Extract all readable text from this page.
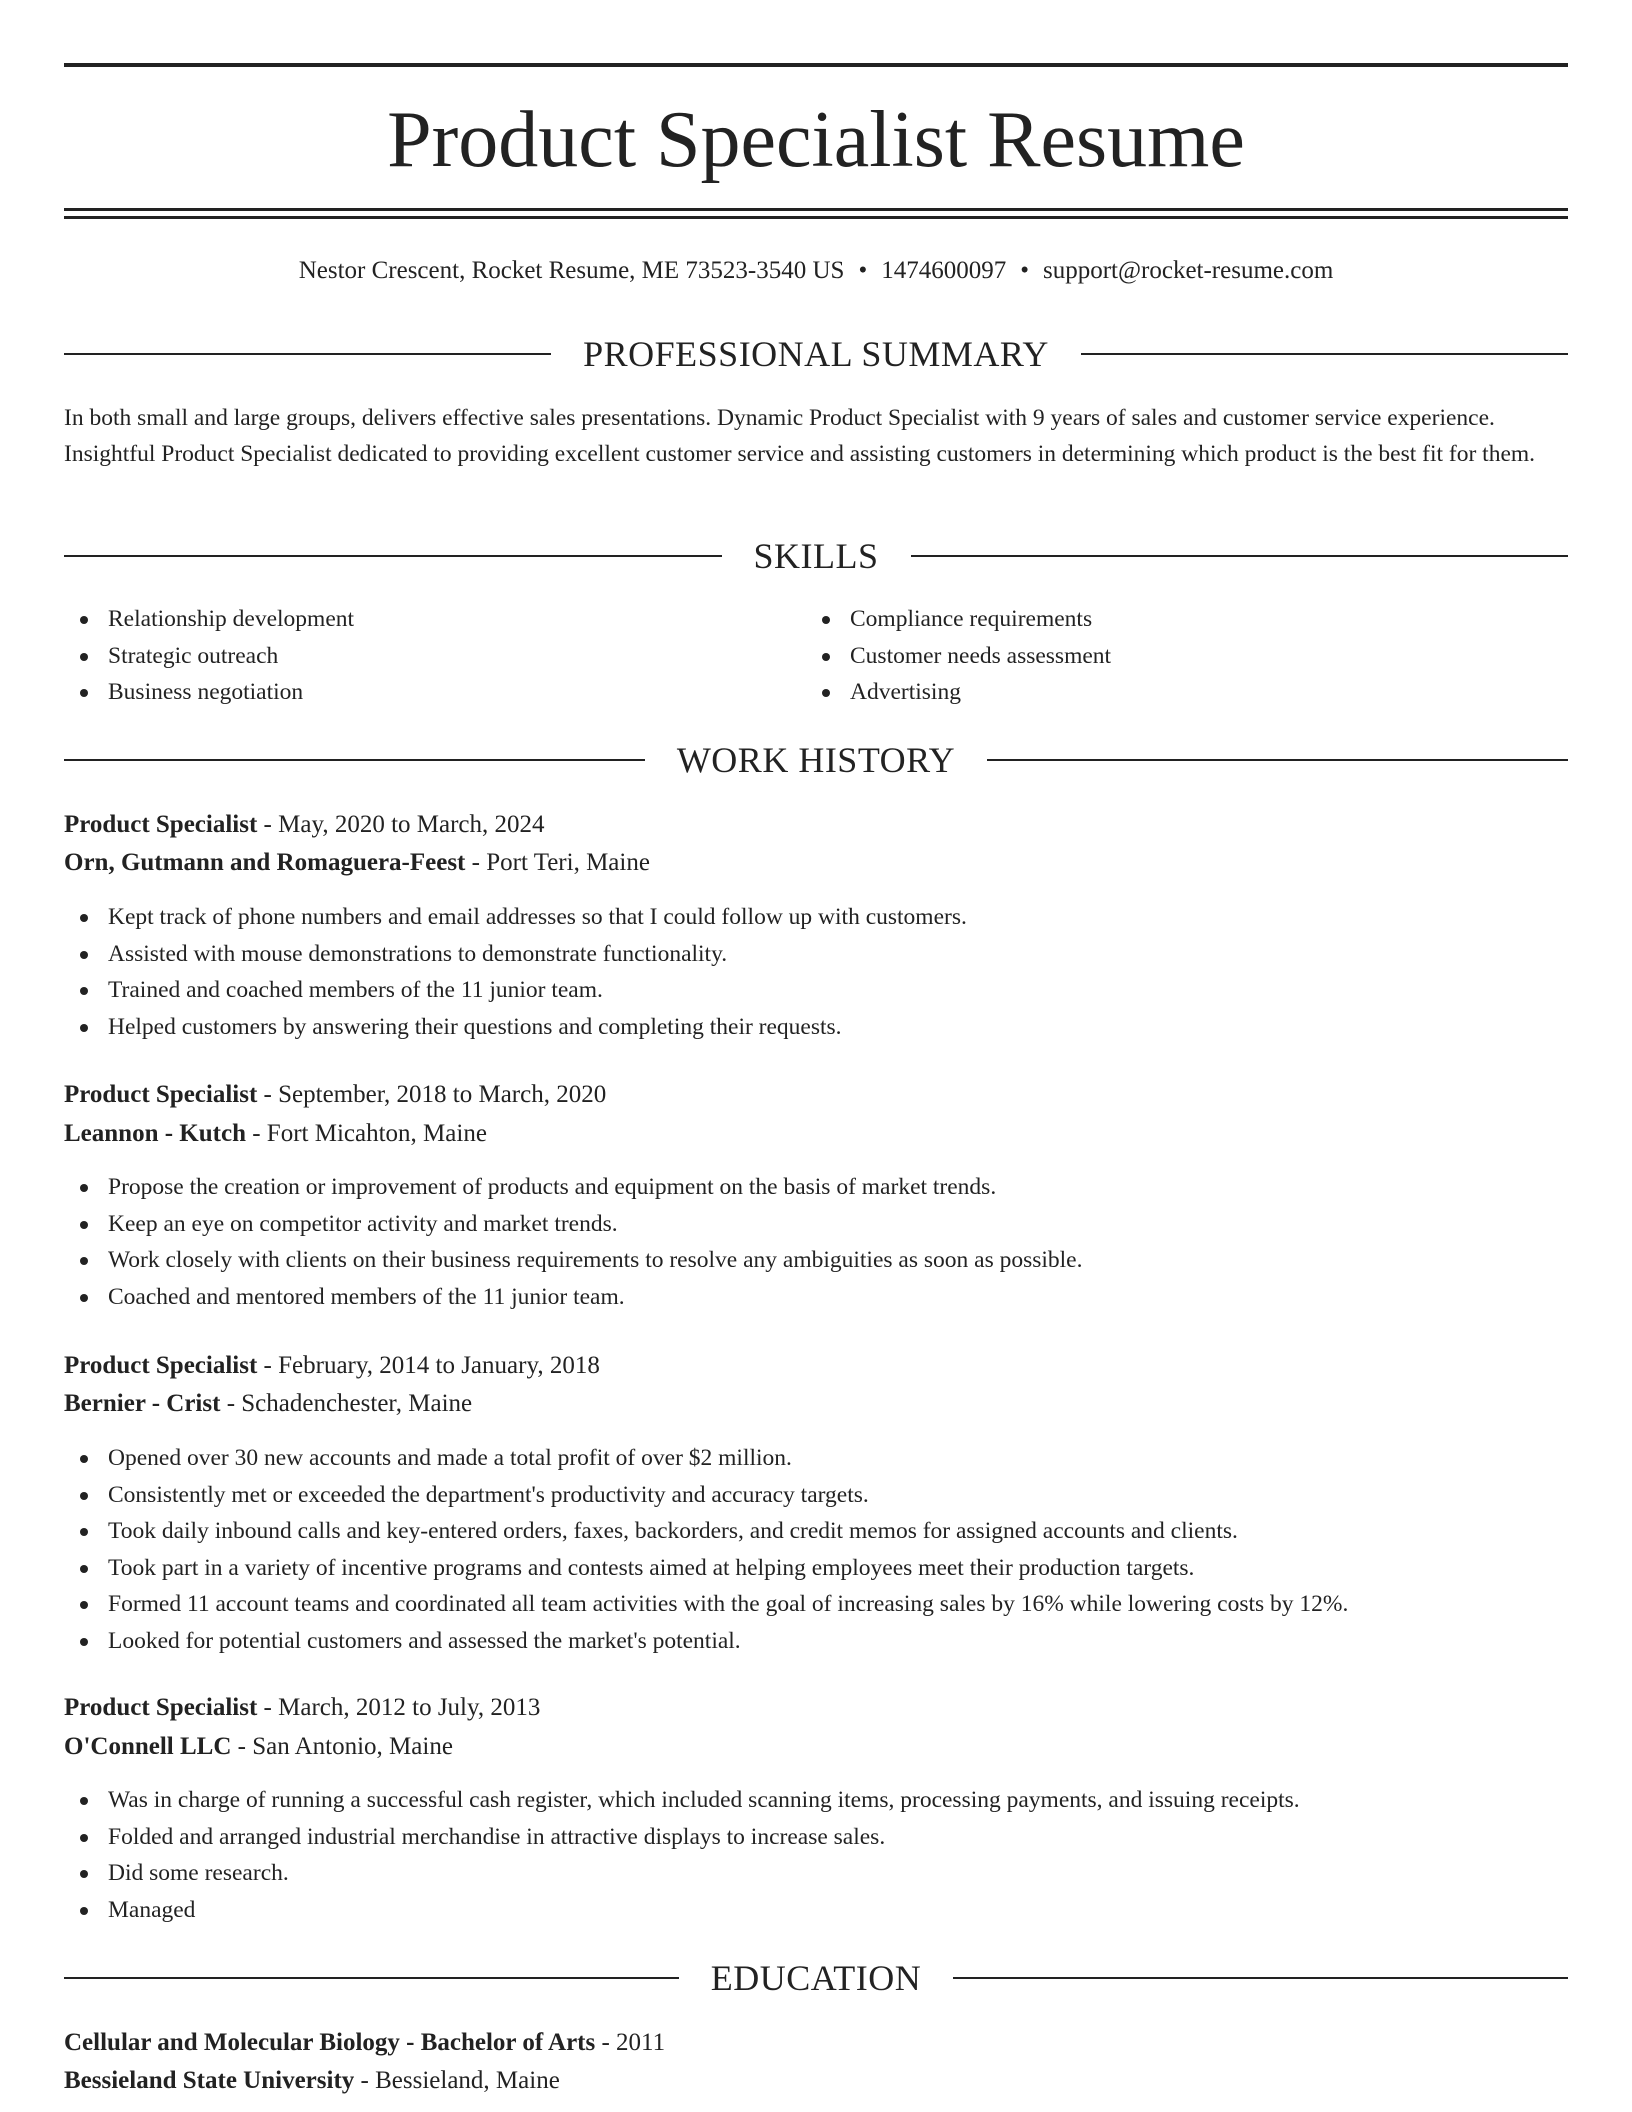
Product Specialist Resume
Nestor Crescent, Rocket Resume, ME 73523-3540 US • 1474600097 • support@rocket-resume.com
PROFESSIONAL SUMMARY

In both small and large groups, delivers effective sales presentations. Dynamic Product Specialist with 9 years of sales and customer service experience. Insightful Product Specialist dedicated to providing excellent customer service and assisting customers in determining which product is the best fit for them.

SKILLS
Relationship development
Strategic outreach
Business negotiation
Compliance requirements
Customer needs assessment
Advertising
WORK HISTORY
Product Specialist - May, 2020 to March, 2024
Orn, Gutmann and Romaguera-Feest - Port Teri, Maine
Kept track of phone numbers and email addresses so that I could follow up with customers.
Assisted with mouse demonstrations to demonstrate functionality.
Trained and coached members of the 11 junior team.
Helped customers by answering their questions and completing their requests.
Product Specialist - September, 2018 to March, 2020
Leannon - Kutch - Fort Micahton, Maine
Propose the creation or improvement of products and equipment on the basis of market trends.
Keep an eye on competitor activity and market trends.
Work closely with clients on their business requirements to resolve any ambiguities as soon as possible.
Coached and mentored members of the 11 junior team.
Product Specialist - February, 2014 to January, 2018
Bernier - Crist - Schadenchester, Maine
Opened over 30 new accounts and made a total profit of over $2 million.
Consistently met or exceeded the department's productivity and accuracy targets.
Took daily inbound calls and key-entered orders, faxes, backorders, and credit memos for assigned accounts and clients.
Took part in a variety of incentive programs and contests aimed at helping employees meet their production targets.
Formed 11 account teams and coordinated all team activities with the goal of increasing sales by 16% while lowering costs by 12%.
Looked for potential customers and assessed the market's potential.
Product Specialist - March, 2012 to July, 2013
O'Connell LLC - San Antonio, Maine
Was in charge of running a successful cash register, which included scanning items, processing payments, and issuing receipts.
Folded and arranged industrial merchandise in attractive displays to increase sales.
Did some research.
Managed
EDUCATION
Cellular and Molecular Biology - Bachelor of Arts - 2011
Bessieland State University - Bessieland, Maine
